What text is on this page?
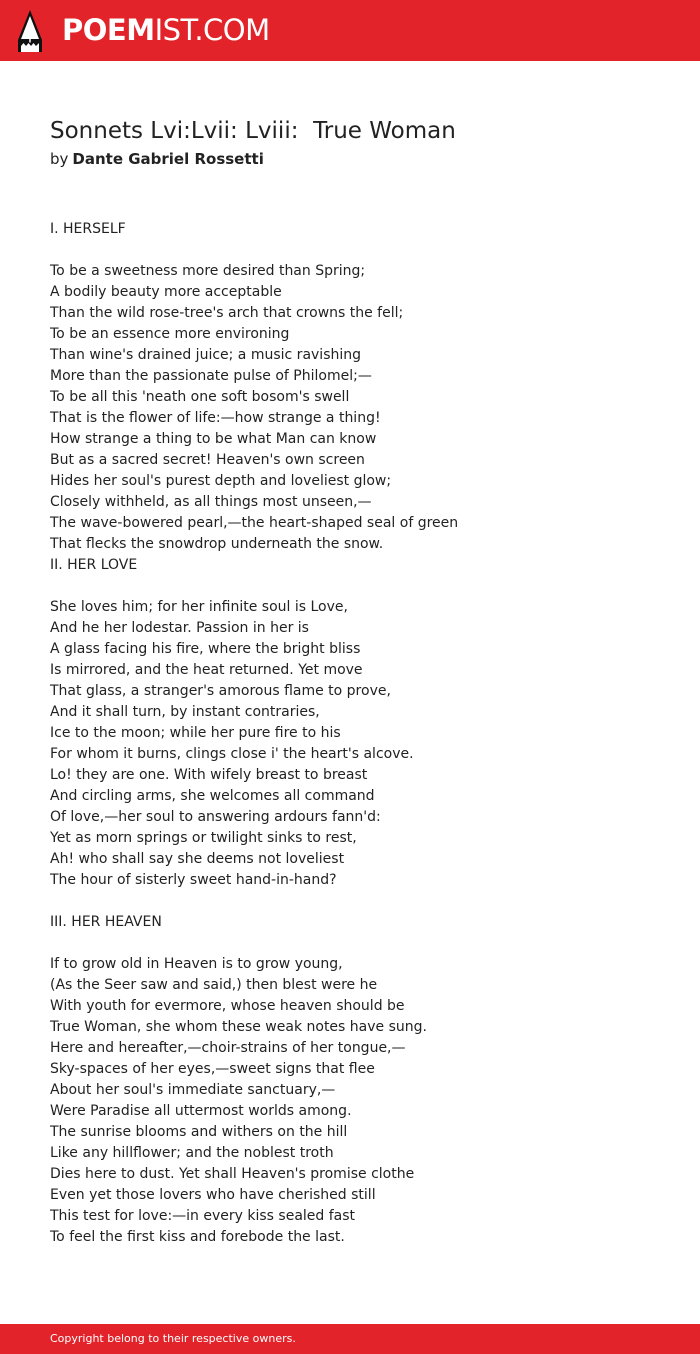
POEMIST.COM
Sonnets Lvi:Lvii: Lviii:  True Woman
by Dante Gabriel Rossetti
I. HERSELF
To be a sweetness more desired than Spring;
A bodily beauty more acceptable
Than the wild rose-tree's arch that crowns the fell;
To be an essence more environing
Than wine's drained juice; a music ravishing
More than the passionate pulse of Philomel;—
To be all this 'neath one soft bosom's swell
That is the flower of life:—how strange a thing!
How strange a thing to be what Man can know
But as a sacred secret! Heaven's own screen
Hides her soul's purest depth and loveliest glow;
Closely withheld, as all things most unseen,—
The wave-bowered pearl,—the heart-shaped seal of green
That flecks the snowdrop underneath the snow.
II. HER LOVE
She loves him; for her infinite soul is Love,
And he her lodestar. Passion in her is
A glass facing his fire, where the bright bliss
Is mirrored, and the heat returned. Yet move
That glass, a stranger's amorous flame to prove,
And it shall turn, by instant contraries,
Ice to the moon; while her pure fire to his
For whom it burns, clings close i' the heart's alcove.
Lo! they are one. With wifely breast to breast
And circling arms, she welcomes all command
Of love,—her soul to answering ardours fann'd:
Yet as morn springs or twilight sinks to rest,
Ah! who shall say she deems not loveliest
The hour of sisterly sweet hand-in-hand?
III. HER HEAVEN
If to grow old in Heaven is to grow young,
(As the Seer saw and said,) then blest were he
With youth for evermore, whose heaven should be
True Woman, she whom these weak notes have sung.
Here and hereafter,—choir-strains of her tongue,—
Sky-spaces of her eyes,—sweet signs that flee
About her soul's immediate sanctuary,—
Were Paradise all uttermost worlds among.
The sunrise blooms and withers on the hill
Like any hillflower; and the noblest troth
Dies here to dust. Yet shall Heaven's promise clothe
Even yet those lovers who have cherished still
This test for love:—in every kiss sealed fast
To feel the first kiss and forebode the last.
Copyright belong to their respective owners.
